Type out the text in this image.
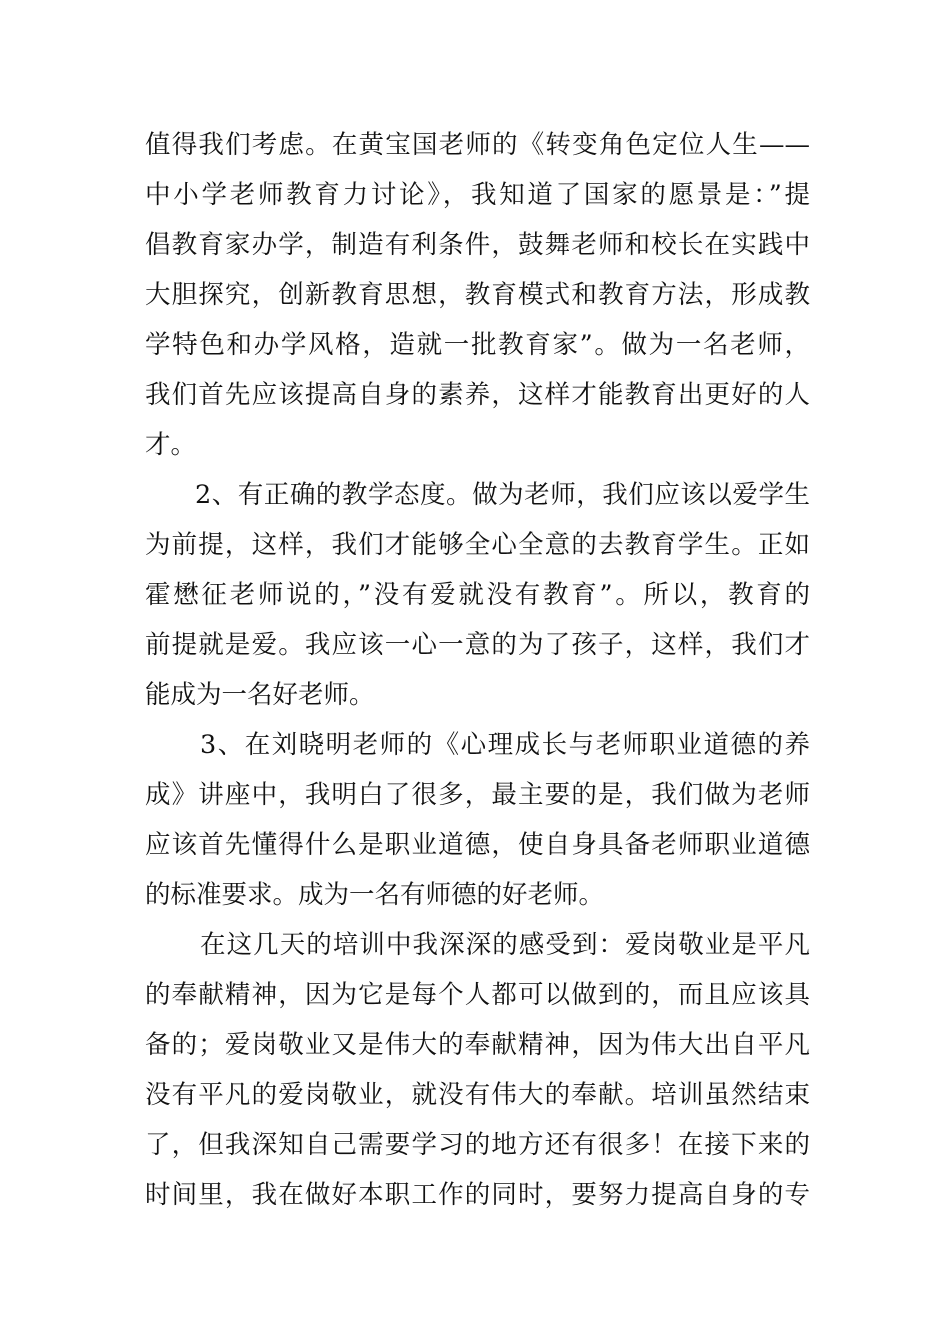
值得我们考虑。在黄宝国老师的《转变角色定位人生——
中小学老师教育力讨论》，我知道了国家的愿景是：”提
倡教育家办学，制造有利条件，鼓舞老师和校长在实践中
大胆探究，创新教育思想，教育模式和教育方法，形成教
学特色和办学风格，造就一批教育家”。做为一名老师，
我们首先应该提高自身的素养，这样才能教育出更好的人
才。
2、有正确的教学态度。做为老师，我们应该以爱学生
为前提，这样，我们才能够全心全意的去教育学生。正如
霍懋征老师说的，”没有爱就没有教育”。所以，教育的
前提就是爱。我应该一心一意的为了孩子，这样，我们才
能成为一名好老师。
3、在刘晓明老师的《心理成长与老师职业道德的养
成》讲座中，我明白了很多，最主要的是，我们做为老师
应该首先懂得什么是职业道德，使自身具备老师职业道德
的标准要求。成为一名有师德的好老师。
在这几天的培训中我深深的感受到：爱岗敬业是平凡
的奉献精神，因为它是每个人都可以做到的，而且应该具
备的；爱岗敬业又是伟大的奉献精神，因为伟大出自平凡
没有平凡的爱岗敬业，就没有伟大的奉献。培训虽然结束
了，但我深知自己需要学习的地方还有很多！在接下来的
时间里，我在做好本职工作的同时，要努力提高自身的专
